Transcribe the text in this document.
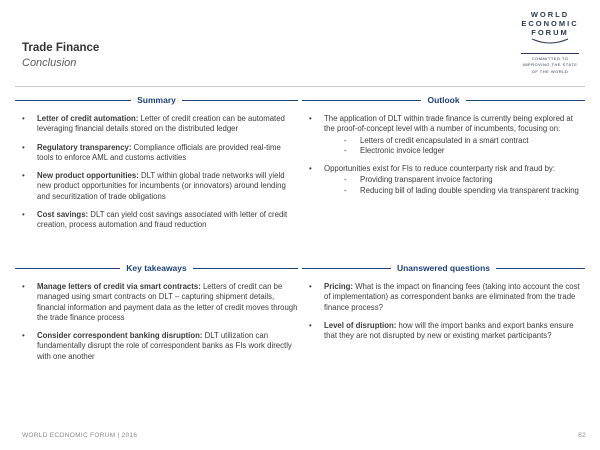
Trade Finance
Conclusion
WORLD
ECONOMIC
FORUM
COMMITTED TO
IMPROVING THE STATE
OF THE WORLD
Summary
•	Letter of credit automation: Letter of credit creation can be automated leveraging financial details stored on the distributed ledger
•	Regulatory transparency: Compliance officials are provided real-time tools to enforce AML and customs activities
•	New product opportunities: DLT within global trade networks will yield new product opportunities for incumbents (or innovators) around lending and securitization of trade obligations
•	Cost savings: DLT can yield cost savings associated with letter of credit creation, process automation and fraud reduction
Outlook
•	The application of DLT within trade finance is currently being explored at the proof-of-concept level with a number of incumbents, focusing on:
-	Letters of credit encapsulated in a smart contract
-	Electronic invoice ledger
•	Opportunities exist for FIs to reduce counterparty risk and fraud by:
-	Providing transparent invoice factoring
-	Reducing bill of lading double spending via transparent tracking
Key takeaways
•	Manage letters of credit via smart contracts: Letters of credit can be managed using smart contracts on DLT – capturing shipment details, financial information and payment data as the letter of credit moves through the trade finance process
•	Consider correspondent banking disruption: DLT utilization can fundamentally disrupt the role of correspondent banks as FIs work directly with one another
Unanswered questions
•	Pricing: What is the impact on financing fees (taking into account the cost of implementation) as correspondent banks are eliminated from the trade finance process?
•	Level of disruption: how will the import banks and export banks ensure that they are not disrupted by new or existing market participants?
WORLD ECONOMIC FORUM | 2016	82
